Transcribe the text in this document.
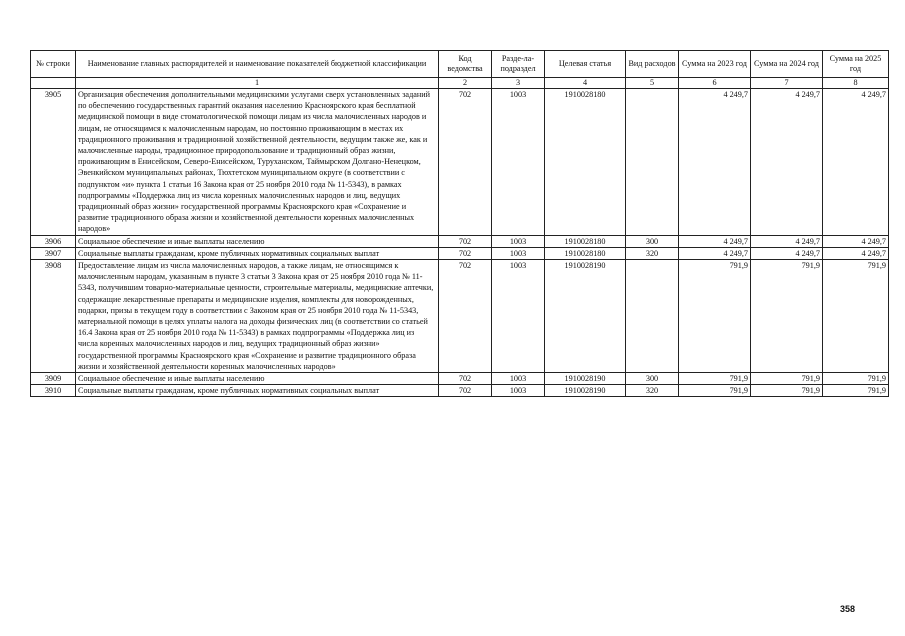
№ строки	Наименование главных распорядителей и наименование показателей бюджетной классификации	Код ведомства	Разде-ла-подраздел	Целевая статья	Вид расходов	Сумма на 2023 год	Сумма на 2024 год	Сумма на 2025 год
	1	2	3	4	5	6	7	8
3905	Организация обеспечения дополнительными медицинскими услугами сверх установленных заданий по обеспечению государственных гарантий оказания населению Красноярского края бесплатной медицинской помощи в виде стоматологической помощи лицам из числа малочисленных народов и лицам, не относящимся к малочисленным народам, но постоянно проживающим в местах их традиционного проживания и традиционной хозяйственной деятельности, ведущим также же, как и малочисленные народы, традиционное природопользование и традиционный образ жизни, проживающим в Енисейском, Северо-Енисейском, Туруханском, Таймырском Долгано-Ненецком, Эвенкийском муниципальных районах, Тюхтетском муниципальном округе (в соответствии с подпунктом «и» пункта 1 статьи 16 Закона края от 25 ноября 2010 года № 11-5343), в рамках подпрограммы «Поддержка лиц из числа коренных малочисленных народов и лиц, ведущих традиционный образ жизни» государственной программы Красноярского края «Сохранение и развитие традиционного образа жизни и хозяйственной деятельности коренных малочисленных народов»	702	1003	1910028180		4 249,7	4 249,7	4 249,7
3906	Социальное обеспечение и иные выплаты населению	702	1003	1910028180	300	4 249,7	4 249,7	4 249,7
3907	Социальные выплаты гражданам, кроме публичных нормативных социальных выплат	702	1003	1910028180	320	4 249,7	4 249,7	4 249,7
3908	Предоставление лицам из числа малочисленных народов, а также лицам, не относящимся к малочисленным народам, указанным в пункте 3 статьи 3 Закона края от 25 ноября 2010 года № 11-5343, получившим товарно-материальные ценности, строительные материалы, медицинские аптечки, содержащие лекарственные препараты и медицинские изделия, комплекты для новорожденных, подарки, призы в текущем году в соответствии с Законом края от 25 ноября 2010 года № 11-5343, материальной помощи в целях уплаты налога на доходы физических лиц (в соответствии со статьей 16.4 Закона края от 25 ноября 2010 года № 11-5343) в рамках подпрограммы «Поддержка лиц из числа коренных малочисленных народов и лиц, ведущих традиционный образ жизни» государственной программы Красноярского края «Сохранение и развитие традиционного образа жизни и хозяйственной деятельности коренных малочисленных народов»	702	1003	1910028190		791,9	791,9	791,9
3909	Социальное обеспечение и иные выплаты населению	702	1003	1910028190	300	791,9	791,9	791,9
3910	Социальные выплаты гражданам, кроме публичных нормативных социальных выплат	702	1003	1910028190	320	791,9	791,9	791,9
358
